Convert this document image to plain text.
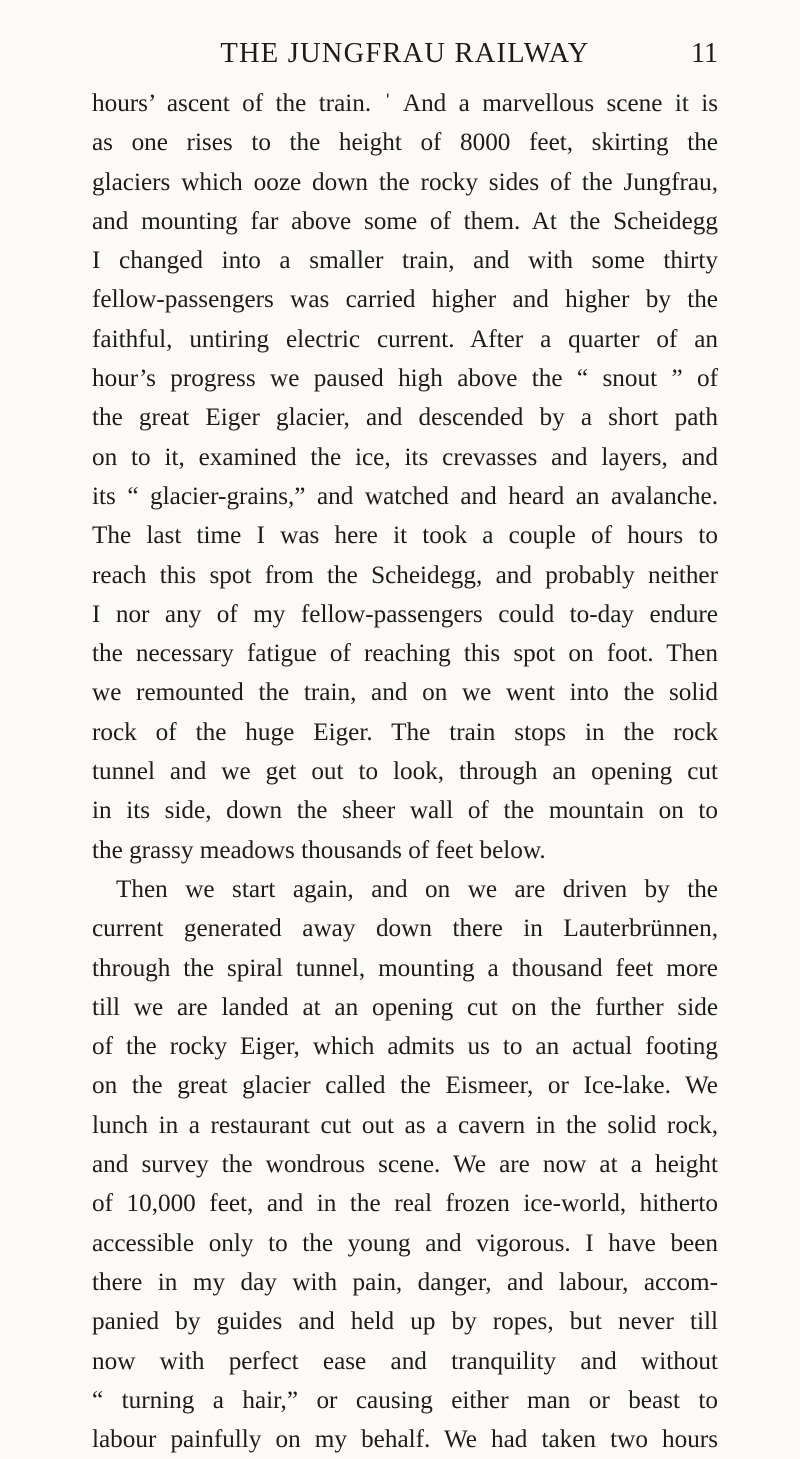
THE JUNGFRAU RAILWAY	11
hours’ ascent of the train. ˈ And a marvellous scene it is
as one rises to the height of 8000 feet, skirting the
glaciers which ooze down the rocky sides of the Jungfrau,
and mounting far above some of them. At the Scheidegg
I changed into a smaller train, and with some thirty
fellow-passengers was carried higher and higher by the
faithful, untiring electric current. After a quarter of an
hour’s progress we paused high above the “ snout ” of
the great Eiger glacier, and descended by a short path
on to it, examined the ice, its crevasses and layers, and
its “ glacier-grains,” and watched and heard an avalanche.
The last time I was here it took a couple of hours to
reach this spot from the Scheidegg, and probably neither
I nor any of my fellow-passengers could to-day endure
the necessary fatigue of reaching this spot on foot. Then
we remounted the train, and on we went into the solid
rock of the huge Eiger. The train stops in the rock
tunnel and we get out to look, through an opening cut
in its side, down the sheer wall of the mountain on to
the grassy meadows thousands of feet below.
Then we start again, and on we are driven by the
current generated away down there in Lauterbrünnen,
through the spiral tunnel, mounting a thousand feet more
till we are landed at an opening cut on the further side
of the rocky Eiger, which admits us to an actual footing
on the great glacier called the Eismeer, or Ice-lake. We
lunch in a restaurant cut out as a cavern in the solid rock,
and survey the wondrous scene. We are now at a height
of 10,000 feet, and in the real frozen ice-world, hitherto
accessible only to the young and vigorous. I have been
there in my day with pain, danger, and labour, accom-
panied by guides and held up by ropes, but never till
now with perfect ease and tranquility and without
“ turning a hair,” or causing either man or beast to
labour painfully on my behalf. We had taken two hours
